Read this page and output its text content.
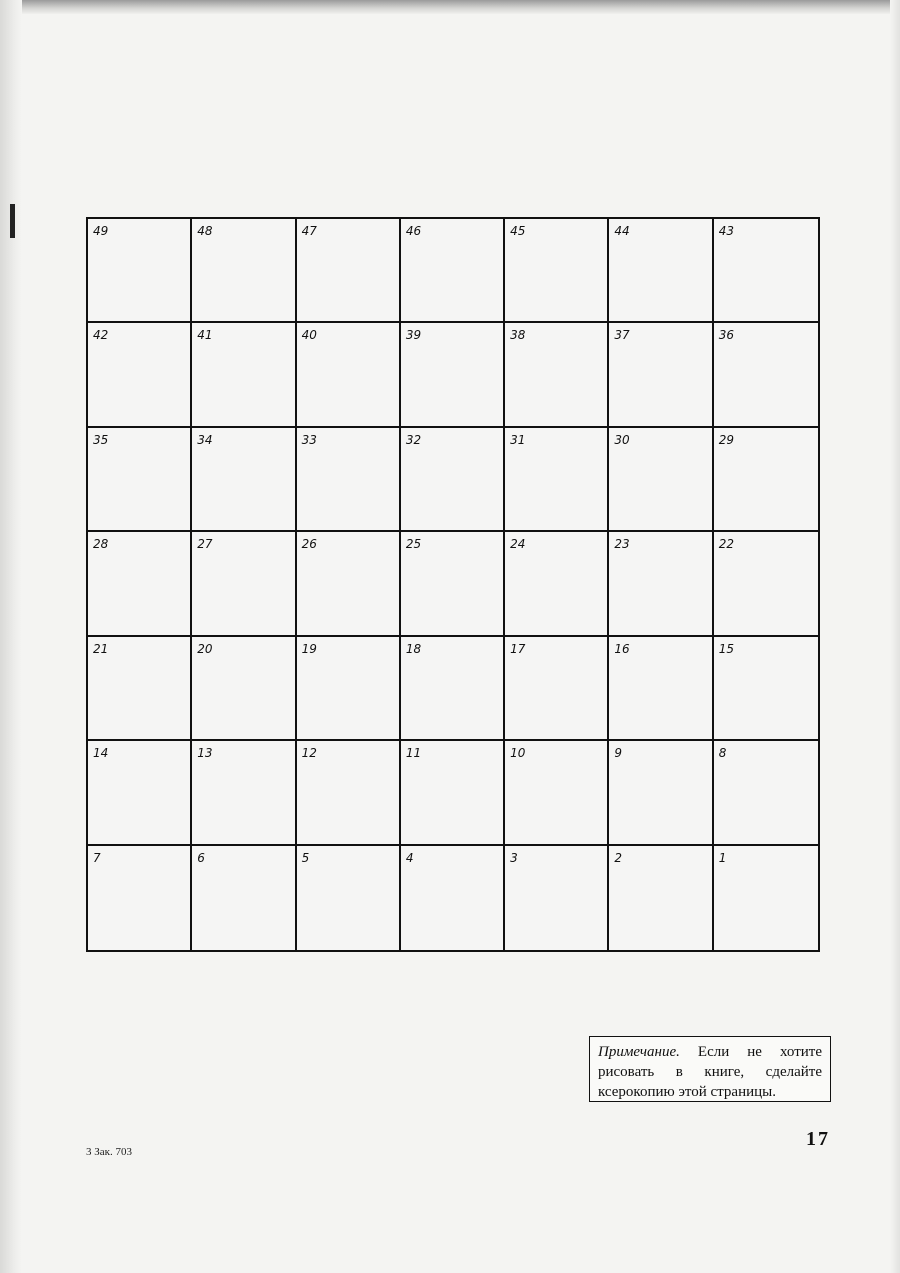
49	48	47	46	45	44	43
42	41	40	39	38	37	36
35	34	33	32	31	30	29
28	27	26	25	24	23	22
21	20	19	18	17	16	15
14	13	12	11	10	9	8
7	6	5	4	3	2	1
Примечание. Если не хотите рисовать в книге, сделайте ксерокопию этой страницы.
3 Зак. 703
17
